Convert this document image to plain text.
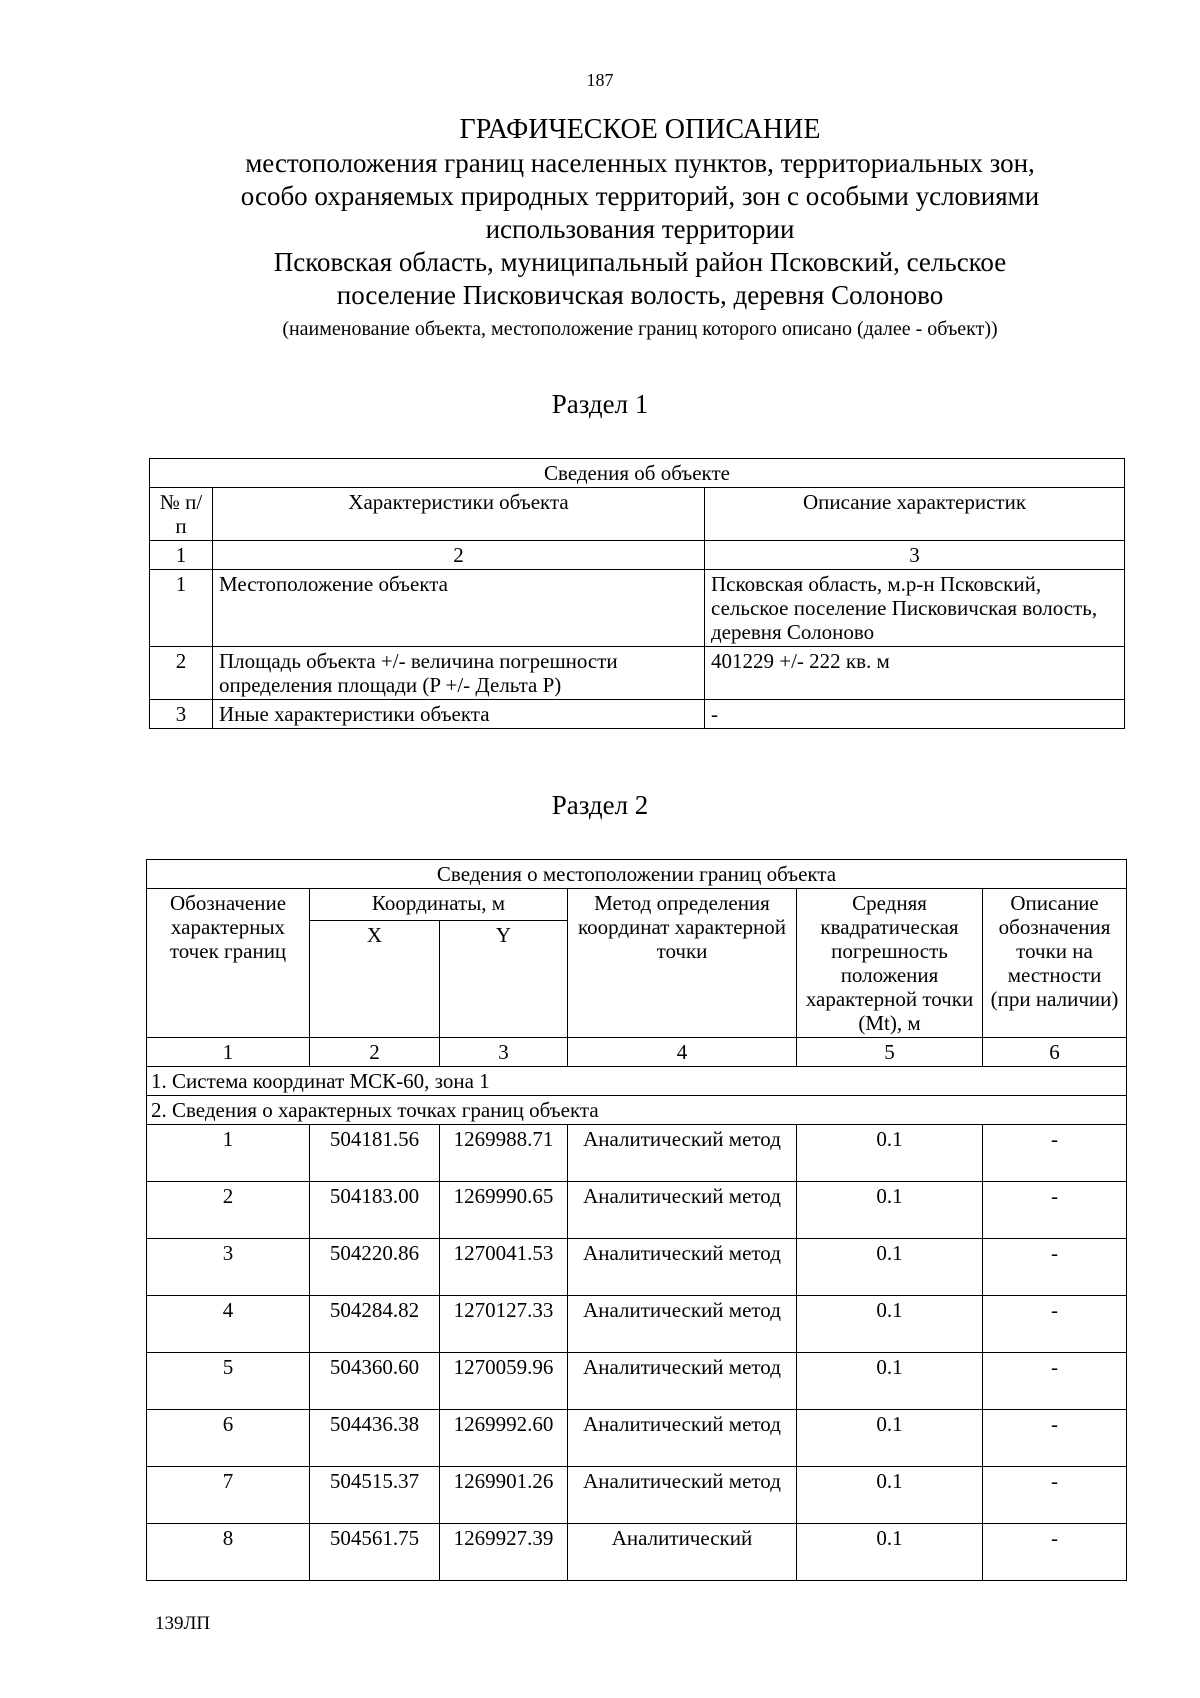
187
ГРАФИЧЕСКОЕ ОПИСАНИЕ
местоположения границ населенных пунктов, территориальных зон,
особо охраняемых природных территорий, зон с особыми условиями
использования территории
Псковская область, муниципальный район Псковский, сельское
поселение Писковичская волость, деревня Солоново
(наименование объекта, местоположение границ которого описано (далее - объект))
Раздел 1
Сведения об объекте		
№ п/п	Характеристики объекта	Описание характеристик
1	2	3
1	Местоположение объекта	Псковская область, м.р-н Псковский, сельское поселение Писковичская волость, деревня Солоново
2	Площадь объекта +/- величина погрешности определения площади (P +/- Дельта P)	401229 +/- 222 кв. м
3	Иные характеристики объекта	-
Раздел 2
Сведения о местоположении границ объекта					
Обозначение характерных точек границ	Координаты, м		Метод определения координат характерной точки	Средняя квадратическая погрешность положения характерной точки (Mt), м	Описание обозначения точки на местности (при наличии)
	X	Y			
1	2	3	4	5	6
1. Система координат МСК-60, зона 1					
2. Сведения о характерных точках границ объекта					
1	504181.56	1269988.71	Аналитический метод	0.1	-
2	504183.00	1269990.65	Аналитический метод	0.1	-
3	504220.86	1270041.53	Аналитический метод	0.1	-
4	504284.82	1270127.33	Аналитический метод	0.1	-
5	504360.60	1270059.96	Аналитический метод	0.1	-
6	504436.38	1269992.60	Аналитический метод	0.1	-
7	504515.37	1269901.26	Аналитический метод	0.1	-
8	504561.75	1269927.39	Аналитический	0.1	-
139ЛП
